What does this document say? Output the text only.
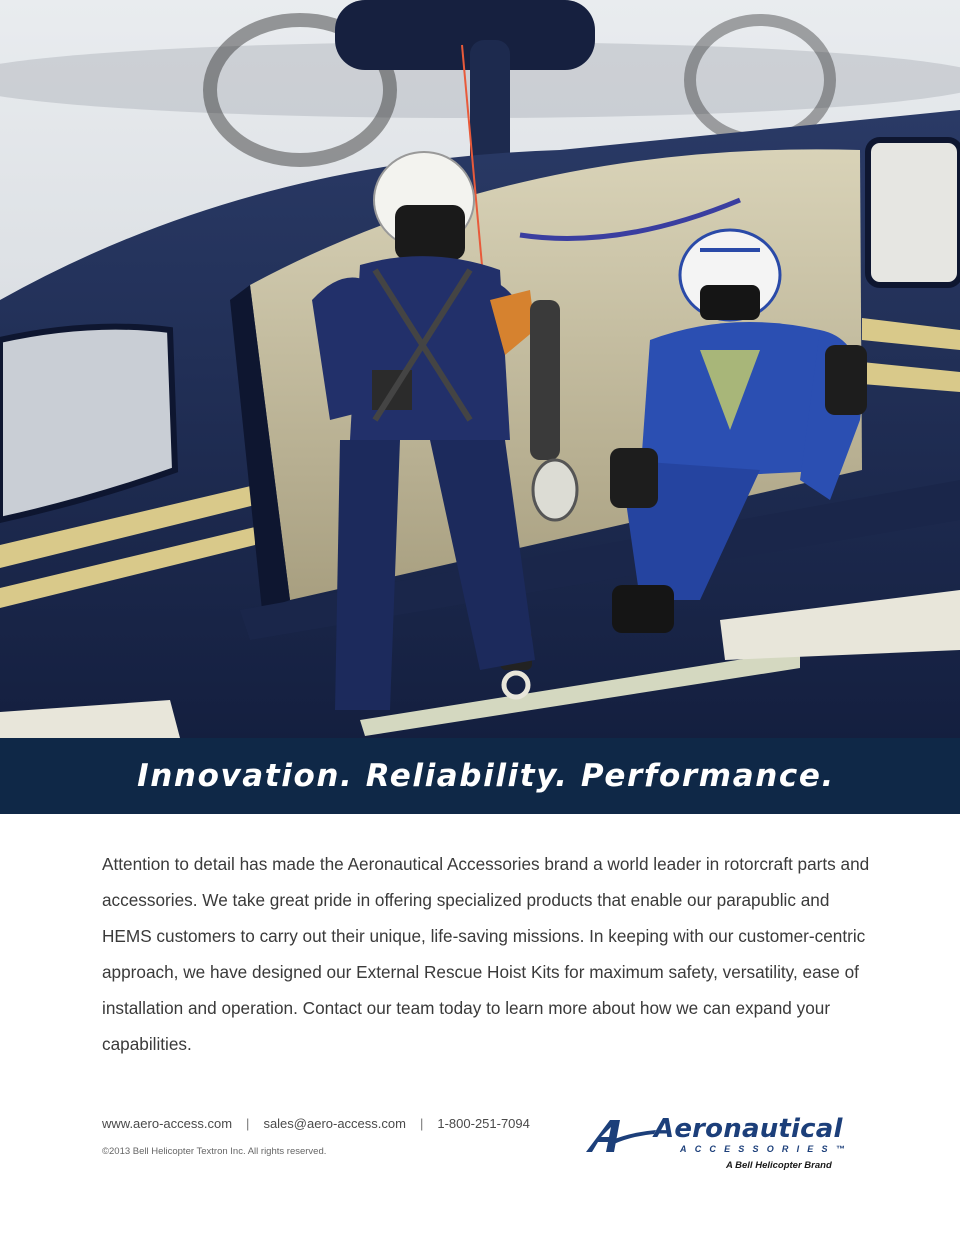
Innovation. Reliability. Performance.

Attention to detail has made the Aeronautical Accessories brand a world leader in rotorcraft parts and accessories. We take great pride in offering specialized products that enable our parapublic and HEMS customers to carry out their unique, life-saving missions. In keeping with our customer-centric approach, we have designed our External Rescue Hoist Kits for maximum safety, versatility, ease of installation and operation. Contact our team today to learn more about how we can expand your capabilities.

www.aero-access.com | sales@aero-access.com | 1-800-251-7094
©2013 Bell Helicopter Textron Inc. All rights reserved.
Aeronautical
ACCESSORIES™
A Bell Helicopter Brand
